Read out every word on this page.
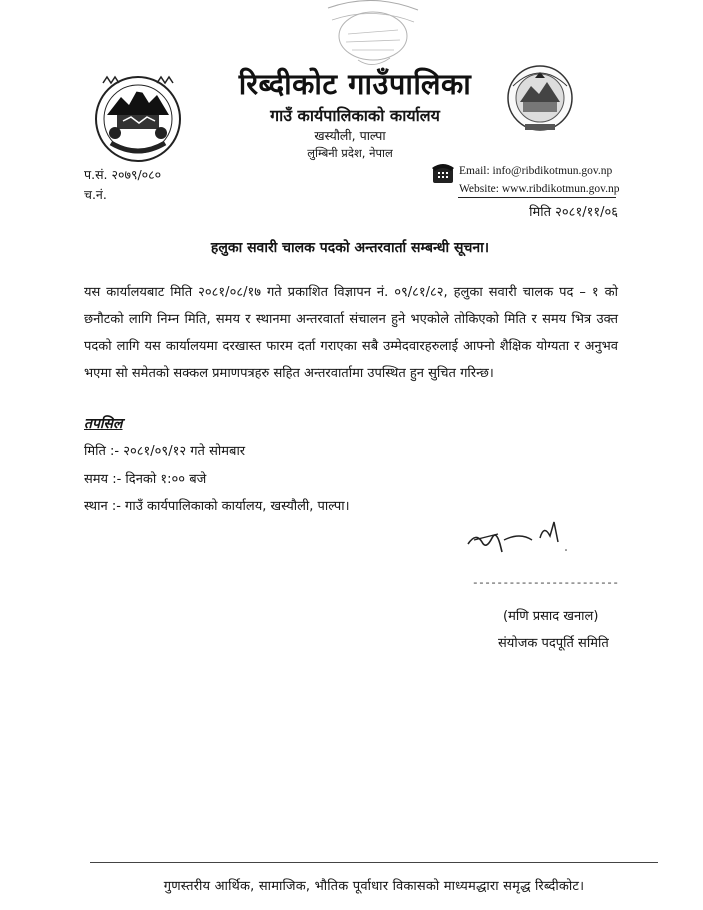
रिब्दीकोट गाउँपालिका
गाउँ कार्यपालिकाको कार्यालय
खस्यौली, पाल्पा
लुम्बिनी प्रदेश, नेपाल
प.सं. २०७९/०८०
च.नं.
Email: info@ribdikotmun.gov.np
Website: www.ribdikotmun.gov.np
मिति २०८१/११/०६
हलुका सवारी चालक पदको अन्तरवार्ता सम्बन्धी सूचना।
यस कार्यालयबाट मिति २०८१/०८/१७ गते प्रकाशित विज्ञापन नं. ०९/८१/८२, हलुका सवारी चालक पद – १ को छनौटको लागि निम्न मिति, समय र स्थानमा अन्तरवार्ता संचालन हुने भएकोले तोकिएको मिति र समय भित्र उक्त पदको लागि यस कार्यालयमा दरखास्त फारम दर्ता गराएका सबै उम्मेदवारहरुलाई आफ्नो शैक्षिक योग्यता र अनुभव भएमा सो समेतको सक्कल प्रमाणपत्रहरु सहित अन्तरवार्तामा उपस्थित हुन सुचित गरिन्छ।
तपसिल
मिति :- २०८१/०९/१२ गते सोमबार
समय :- दिनको १:०० बजे
स्थान :- गाउँ कार्यपालिकाको कार्यालय, खस्यौली, पाल्पा।
------------------------
(मणि प्रसाद खनाल)
संयोजक पदपूर्ति समिति
गुणस्तरीय आर्थिक, सामाजिक, भौतिक पूर्वाधार विकासको माध्यमद्धारा समृद्ध रिब्दीकोट।
